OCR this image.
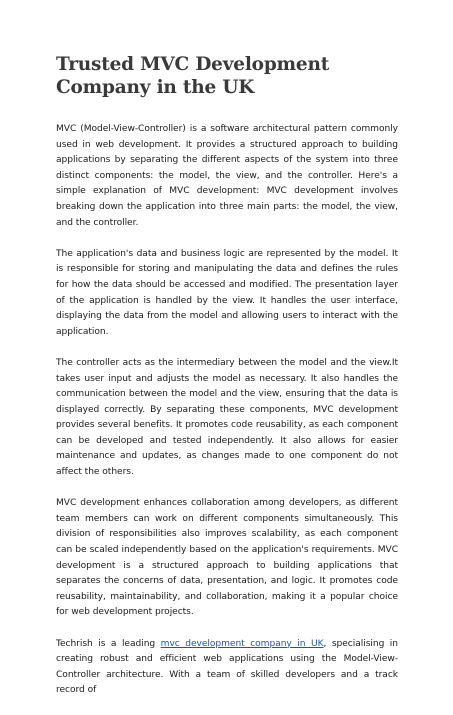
Trusted MVC Development Company in the UK

MVC (Model-View-Controller) is a software architectural pattern commonly used in web development. It provides a structured approach to building applications by separating the different aspects of the system into three distinct components: the model, the view, and the controller. Here's a simple explanation of MVC development: MVC development involves breaking down the application into three main parts: the model, the view, and the controller.

The application's data and business logic are represented by the model. It is responsible for storing and manipulating the data and defines the rules for how the data should be accessed and modified. The presentation layer of the application is handled by the view. It handles the user interface, displaying the data from the model and allowing users to interact with the application.

The controller acts as the intermediary between the model and the view.It takes user input and adjusts the model as necessary. It also handles the communication between the model and the view, ensuring that the data is displayed correctly. By separating these components, MVC development provides several benefits. It promotes code reusability, as each component can be developed and tested independently. It also allows for easier maintenance and updates, as changes made to one component do not affect the others.

MVC development enhances collaboration among developers, as different team members can work on different components simultaneously. This division of responsibilities also improves scalability, as each component can be scaled independently based on the application's requirements. MVC development is a structured approach to building applications that separates the concerns of data, presentation, and logic. It promotes code reusability, maintainability, and collaboration, making it a popular choice for web development projects.

Techrish is a leading mvc development company in UK, specialising in creating robust and efficient web applications using the Model-View-Controller architecture. With a team of skilled developers and a track record of
